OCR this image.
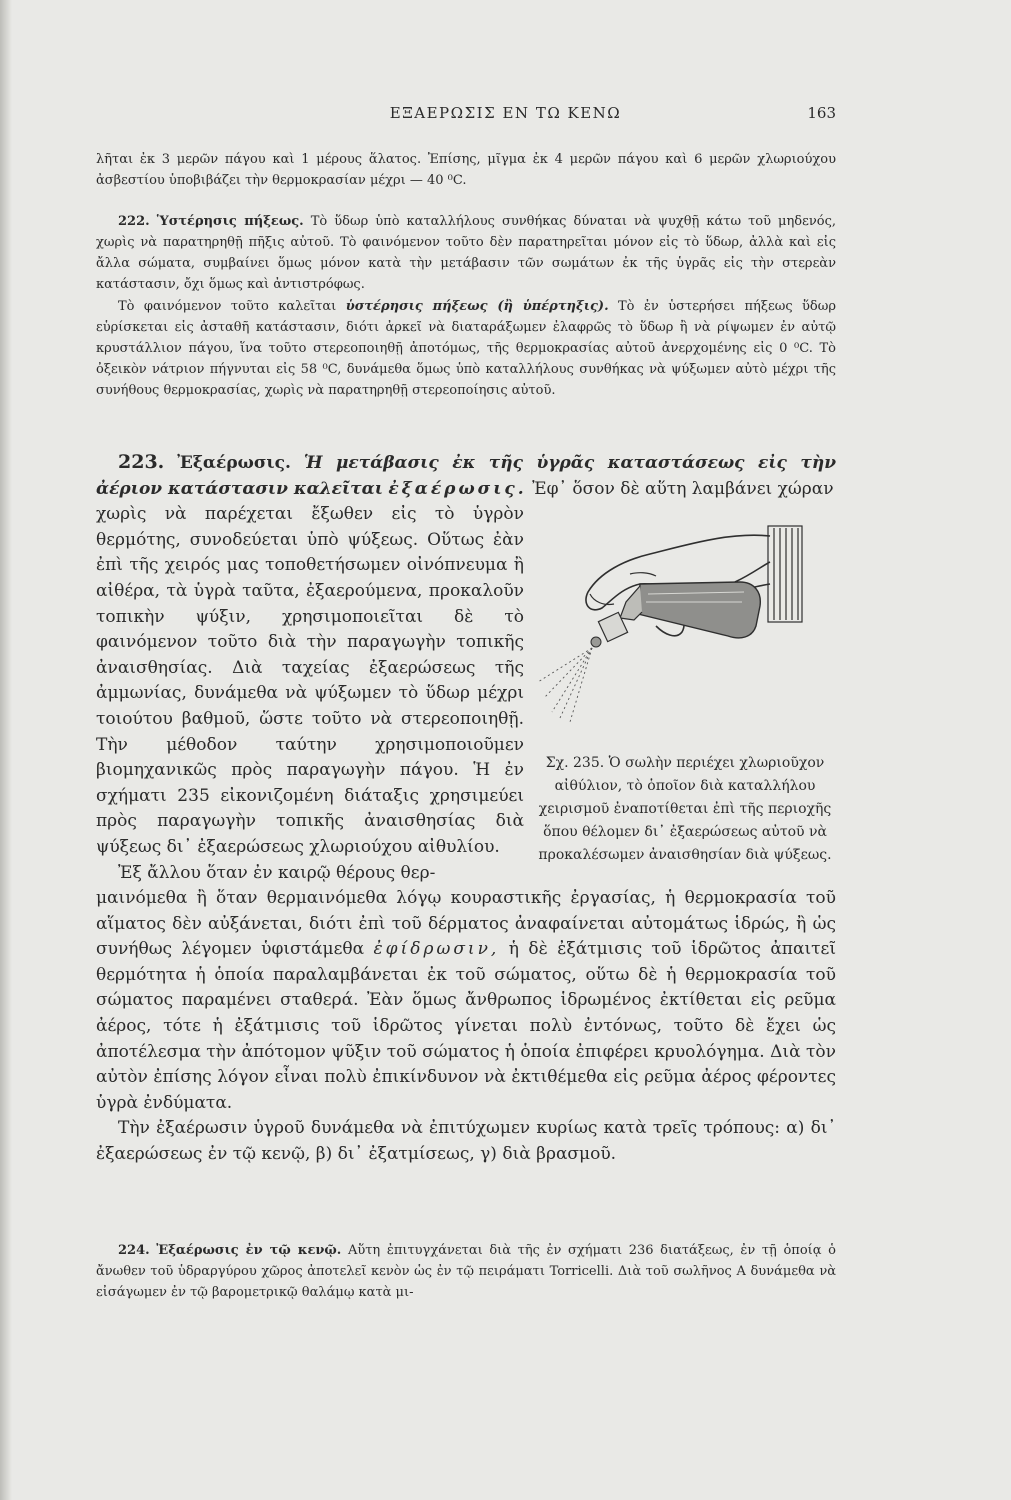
ΕΞΑΕΡΩΣΙΣ ΕΝ ΤΩ ΚΕΝΩ	163

λῆται ἐκ 3 μερῶν πάγου καὶ 1 μέρους ἅλατος. Ἐπίσης, μῖγμα ἐκ 4 μερῶν πάγου καὶ 6 μερῶν χλωριούχου ἀσβεστίου ὑποβιβάζει τὴν θερμοκρασίαν μέχρι — 40 ⁰C.

222. Ὑστέρησις πήξεως. Τὸ ὕδωρ ὑπὸ καταλλήλους συνθήκας δύναται νὰ ψυχθῇ κάτω τοῦ μηδενός, χωρὶς νὰ παρατηρηθῇ πῆξις αὐτοῦ. Τὸ φαινόμενον τοῦτο δὲν παρατηρεῖται μόνον εἰς τὸ ὕδωρ, ἀλλὰ καὶ εἰς ἄλλα σώματα, συμβαίνει ὅμως μόνον κατὰ τὴν μετάβασιν τῶν σωμάτων ἐκ τῆς ὑγρᾶς εἰς τὴν στερεὰν κατάστασιν, ὄχι ὅμως καὶ ἀντιστρόφως.

Τὸ φαινόμενον τοῦτο καλεῖται ὑστέρησις πήξεως (ἢ ὑπέρτηξις). Τὸ ἐν ὑστερήσει πήξεως ὕδωρ εὑρίσκεται εἰς ἀσταθῆ κατάστασιν, διότι ἀρκεῖ νὰ διαταράξωμεν ἐλαφρῶς τὸ ὕδωρ ἢ νὰ ρίψωμεν ἐν αὐτῷ κρυστάλλιον πάγου, ἵνα τοῦτο στερεοποιηθῇ ἀποτόμως, τῆς θερμοκρασίας αὐτοῦ ἀνερχομένης εἰς 0 ⁰C. Τὸ ὀξεικὸν νάτριον πήγνυται εἰς 58 ⁰C, δυνάμεθα ὅμως ὑπὸ καταλλήλους συνθήκας νὰ ψύξωμεν αὐτὸ μέχρι τῆς συνήθους θερμοκρασίας, χωρὶς νὰ παρατηρηθῇ στερεοποίησις αὐτοῦ.

223. Ἐξαέρωσις. Ἡ μετάβασις ἐκ τῆς ὑγρᾶς καταστάσεως εἰς τὴν ἀέριον κατάστασιν καλεῖται ἐξαέρωσις. Ἐφ᾿ ὅσον δὲ αὕτη λαμβάνει χώραν

χωρὶς νὰ παρέχεται ἔξωθεν εἰς τὸ ὑγρὸν θερμότης, συνοδεύεται ὑπὸ ψύξεως. Οὕτως ἐὰν ἐπὶ τῆς χειρός μας τοποθετήσωμεν οἰνόπνευμα ἢ αἰθέρα, τὰ ὑγρὰ ταῦτα, ἐξαερούμενα, προκαλοῦν τοπικὴν ψύξιν, χρησιμοποιεῖται δὲ τὸ φαινόμενον τοῦτο διὰ τὴν παραγωγὴν τοπικῆς ἀναισθησίας. Διὰ ταχείας ἐξαερώσεως τῆς ἀμμωνίας, δυνάμεθα νὰ ψύξωμεν τὸ ὕδωρ μέχρι τοιούτου βαθμοῦ, ὥστε τοῦτο νὰ στερεοποιηθῇ. Τὴν μέθοδον ταύτην χρησιμοποιοῦμεν βιομηχανικῶς πρὸς παραγωγὴν πάγου. Ἡ ἐν σχήματι 235 εἰκονιζομένη διάταξις χρησιμεύει πρὸς παραγωγὴν τοπικῆς ἀναισθησίας διὰ ψύξεως δι᾿ ἐξαερώσεως χλωριούχου αἰθυλίου.

Ἐξ ἄλλου ὅταν ἐν καιρῷ θέρους θερ-

μαινόμεθα ἢ ὅταν θερμαινόμεθα λόγῳ κουραστικῆς ἐργασίας, ἡ θερμοκρασία τοῦ αἵματος δὲν αὐξάνεται, διότι ἐπὶ τοῦ δέρματος ἀναφαίνεται αὐτομάτως ἱδρώς, ἢ ὡς συνήθως λέγομεν ὑφιστάμεθα ἐφίδρωσιν, ἡ δὲ ἐξάτμισις τοῦ ἱδρῶτος ἀπαιτεῖ θερμότητα ἡ ὁποία παραλαμβάνεται ἐκ τοῦ σώματος, οὕτω δὲ ἡ θερμοκρασία τοῦ σώματος παραμένει σταθερά. Ἐὰν ὅμως ἄνθρωπος ἱδρωμένος ἐκτίθεται εἰς ρεῦμα ἀέρος, τότε ἡ ἐξάτμισις τοῦ ἱδρῶτος γίνεται πολὺ ἐντόνως, τοῦτο δὲ ἔχει ὡς ἀποτέλεσμα τὴν ἀπότομον ψῦξιν τοῦ σώματος ἡ ὁποία ἐπιφέρει κρυολόγημα. Διὰ τὸν αὐτὸν ἐπίσης λόγον εἶναι πολὺ ἐπικίνδυνον νὰ ἐκτιθέμεθα εἰς ρεῦμα ἀέρος φέροντες ὑγρὰ ἐνδύματα.

Τὴν ἐξαέρωσιν ὑγροῦ δυνάμεθα νὰ ἐπιτύχωμεν κυρίως κατὰ τρεῖς τρόπους: α) δι᾿ ἐξαερώσεως ἐν τῷ κενῷ, β) δι᾿ ἐξατμίσεως, γ) διὰ βρασμοῦ.

Σχ. 235. Ὁ σωλὴν περιέχει χλωριοῦχον αἰθύλιον, τὸ ὁποῖον διὰ καταλλήλου χειρισμοῦ ἐναποτίθεται ἐπὶ τῆς περιοχῆς ὅπου θέλομεν δι᾿ ἐξαερώσεως αὐτοῦ νὰ προκαλέσωμεν ἀναισθησίαν διὰ ψύξεως.

224. Ἐξαέρωσις ἐν τῷ κενῷ. Αὕτη ἐπιτυγχάνεται διὰ τῆς ἐν σχήματι 236 διατάξεως, ἐν τῇ ὁποίᾳ ὁ ἄνωθεν τοῦ ὑδραργύρου χῶρος ἀποτελεῖ κενὸν ὡς ἐν τῷ πειράματι Torricelli. Διὰ τοῦ σωλῆνος Α δυνάμεθα νὰ εἰσάγωμεν ἐν τῷ βαρομετρικῷ θαλάμῳ κατὰ μι-
